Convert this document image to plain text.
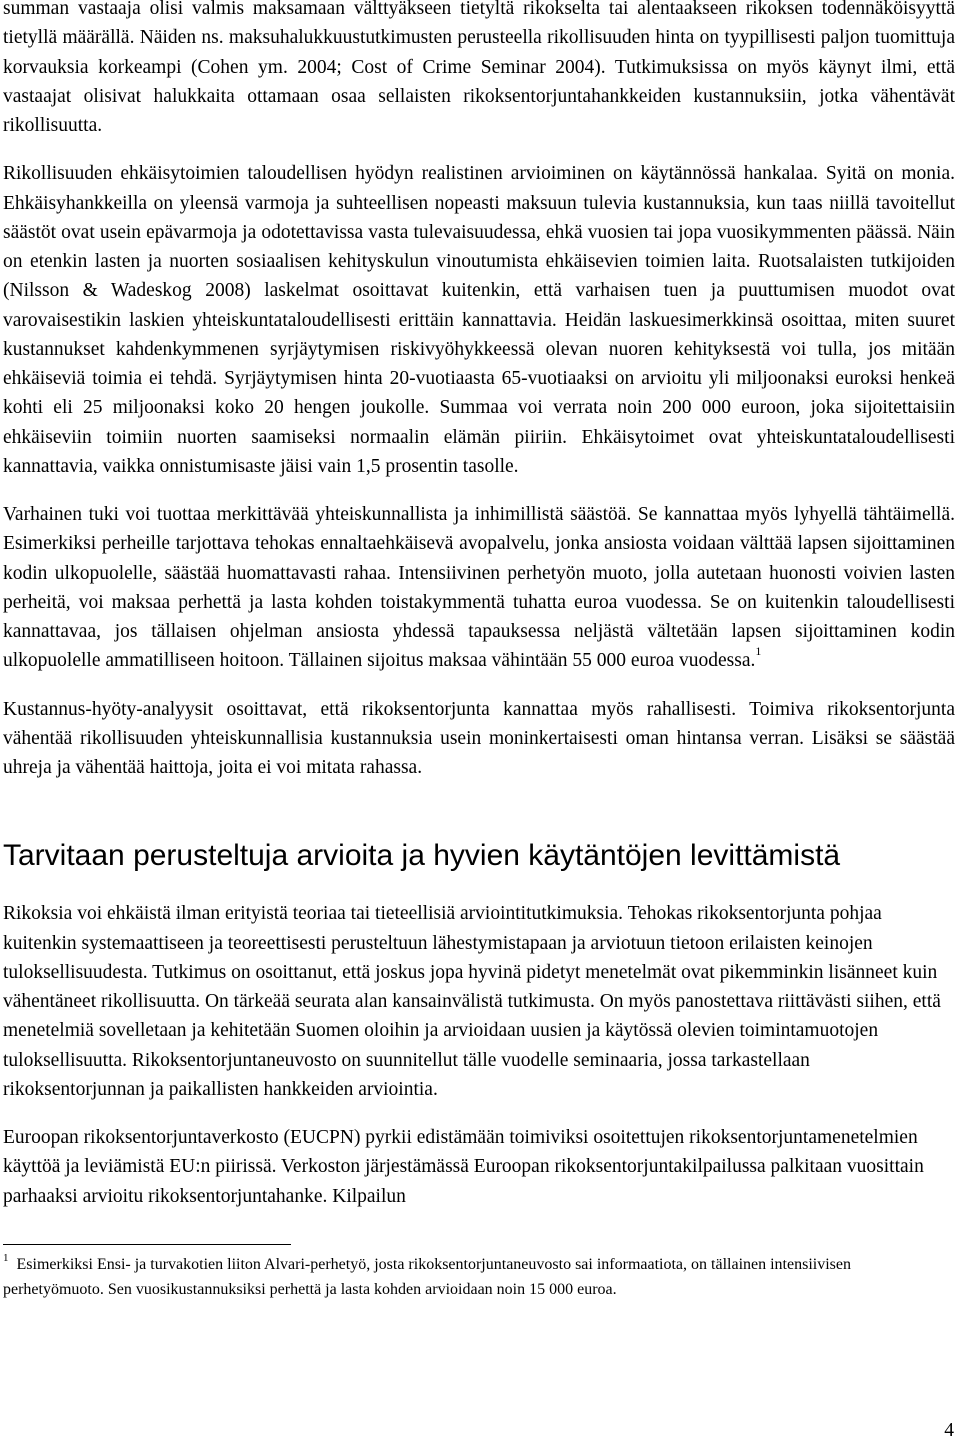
summan vastaaja olisi valmis maksamaan välttyäkseen tietyltä rikokselta tai alentaakseen rikoksen todennäköisyyttä tietyllä määrällä. Näiden ns. maksuhalukkuustutkimusten perusteella rikollisuuden hinta on tyypillisesti paljon tuomittuja korvauksia korkeampi (Cohen ym. 2004; Cost of Crime Seminar 2004). Tutkimuksissa on myös käynyt ilmi, että vastaajat olisivat halukkaita ottamaan osaa sellaisten rikoksentorjuntahankkeiden kustannuksiin, jotka vähentävät rikollisuutta.

Rikollisuuden ehkäisytoimien taloudellisen hyödyn realistinen arvioiminen on käytännössä hankalaa. Syitä on monia. Ehkäisyhankkeilla on yleensä varmoja ja suhteellisen nopeasti maksuun tulevia kustannuksia, kun taas niillä tavoitellut säästöt ovat usein epävarmoja ja odotettavissa vasta tulevaisuudessa, ehkä vuosien tai jopa vuosikymmenten päässä. Näin on etenkin lasten ja nuorten sosiaalisen kehityskulun vinoutumista ehkäisevien toimien laita. Ruotsalaisten tutkijoiden (Nilsson & Wadeskog 2008) laskelmat osoittavat kuitenkin, että varhaisen tuen ja puuttumisen muodot ovat varovaisestikin laskien yhteiskuntataloudellisesti erittäin kannattavia. Heidän laskuesimerkkinsä osoittaa, miten suuret kustannukset kahdenkymmenen syrjäytymisen riskivyöhykkeessä olevan nuoren kehityksestä voi tulla, jos mitään ehkäiseviä toimia ei tehdä. Syrjäytymisen hinta 20-vuotiaasta 65-vuotiaaksi on arvioitu yli miljoonaksi euroksi henkeä kohti eli 25 miljoonaksi koko 20 hengen joukolle. Summaa voi verrata noin 200 000 euroon, joka sijoitettaisiin ehkäiseviin toimiin nuorten saamiseksi normaalin elämän piiriin. Ehkäisytoimet ovat yhteiskuntataloudellisesti kannattavia, vaikka onnistumisaste jäisi vain 1,5 prosentin tasolle.

Varhainen tuki voi tuottaa merkittävää yhteiskunnallista ja inhimillistä säästöä. Se kannattaa myös lyhyellä tähtäimellä. Esimerkiksi perheille tarjottava tehokas ennaltaehkäisevä avopalvelu, jonka ansiosta voidaan välttää lapsen sijoittaminen kodin ulkopuolelle, säästää huomattavasti rahaa. Intensiivinen perhetyön muoto, jolla autetaan huonosti voivien lasten perheitä, voi maksaa perhettä ja lasta kohden toistakymmentä tuhatta euroa vuodessa. Se on kuitenkin taloudellisesti kannattavaa, jos tällaisen ohjelman ansiosta yhdessä tapauksessa neljästä vältetään lapsen sijoittaminen kodin ulkopuolelle ammatilliseen hoitoon. Tällainen sijoitus maksaa vähintään 55 000 euroa vuodessa.$^1$

Kustannus-hyöty-analyysit osoittavat, että rikoksentorjunta kannattaa myös rahallisesti. Toimiva rikoksentorjunta vähentää rikollisuuden yhteiskunnallisia kustannuksia usein moninkertaisesti oman hintansa verran. Lisäksi se säästää uhreja ja vähentää haittoja, joita ei voi mitata rahassa.

Tarvitaan perusteltuja arvioita ja hyvien käytäntöjen levittämistä

Rikoksia voi ehkäistä ilman erityistä teoriaa tai tieteellisiä arviointitutkimuksia. Tehokas rikoksentorjunta pohjaa kuitenkin systemaattiseen ja teoreettisesti perusteltuun lähestymistapaan ja arviotuun tietoon erilaisten keinojen tuloksellisuudesta. Tutkimus on osoittanut, että joskus jopa hyvinä pidetyt menetelmät ovat pikemminkin lisänneet kuin vähentäneet rikollisuutta. On tärkeää seurata alan kansainvälistä tutkimusta. On myös panostettava riittävästi siihen, että menetelmiä sovelletaan ja kehitetään Suomen oloihin ja arvioidaan uusien ja käytössä olevien toimintamuotojen tuloksellisuutta. Rikoksentorjuntaneuvosto on suunnitellut tälle vuodelle seminaaria, jossa tarkastellaan rikoksentorjunnan ja paikallisten hankkeiden arviointia.

Euroopan rikoksentorjuntaverkosto (EUCPN) pyrkii edistämään toimiviksi osoitettujen rikoksentorjuntamenetelmien käyttöä ja leviämistä EU:n piirissä. Verkoston järjestämässä Euroopan rikoksentorjuntakilpailussa palkitaan vuosittain parhaaksi arvioitu rikoksentorjuntahanke. Kilpailun

$^1$ Esimerkiksi Ensi- ja turvakotien liiton Alvari-perhetyö, josta rikoksentorjuntaneuvosto sai informaatiota, on tällainen intensiivisen perhetyömuoto. Sen vuosikustannuksiksi perhettä ja lasta kohden arvioidaan noin 15 000 euroa.

4
